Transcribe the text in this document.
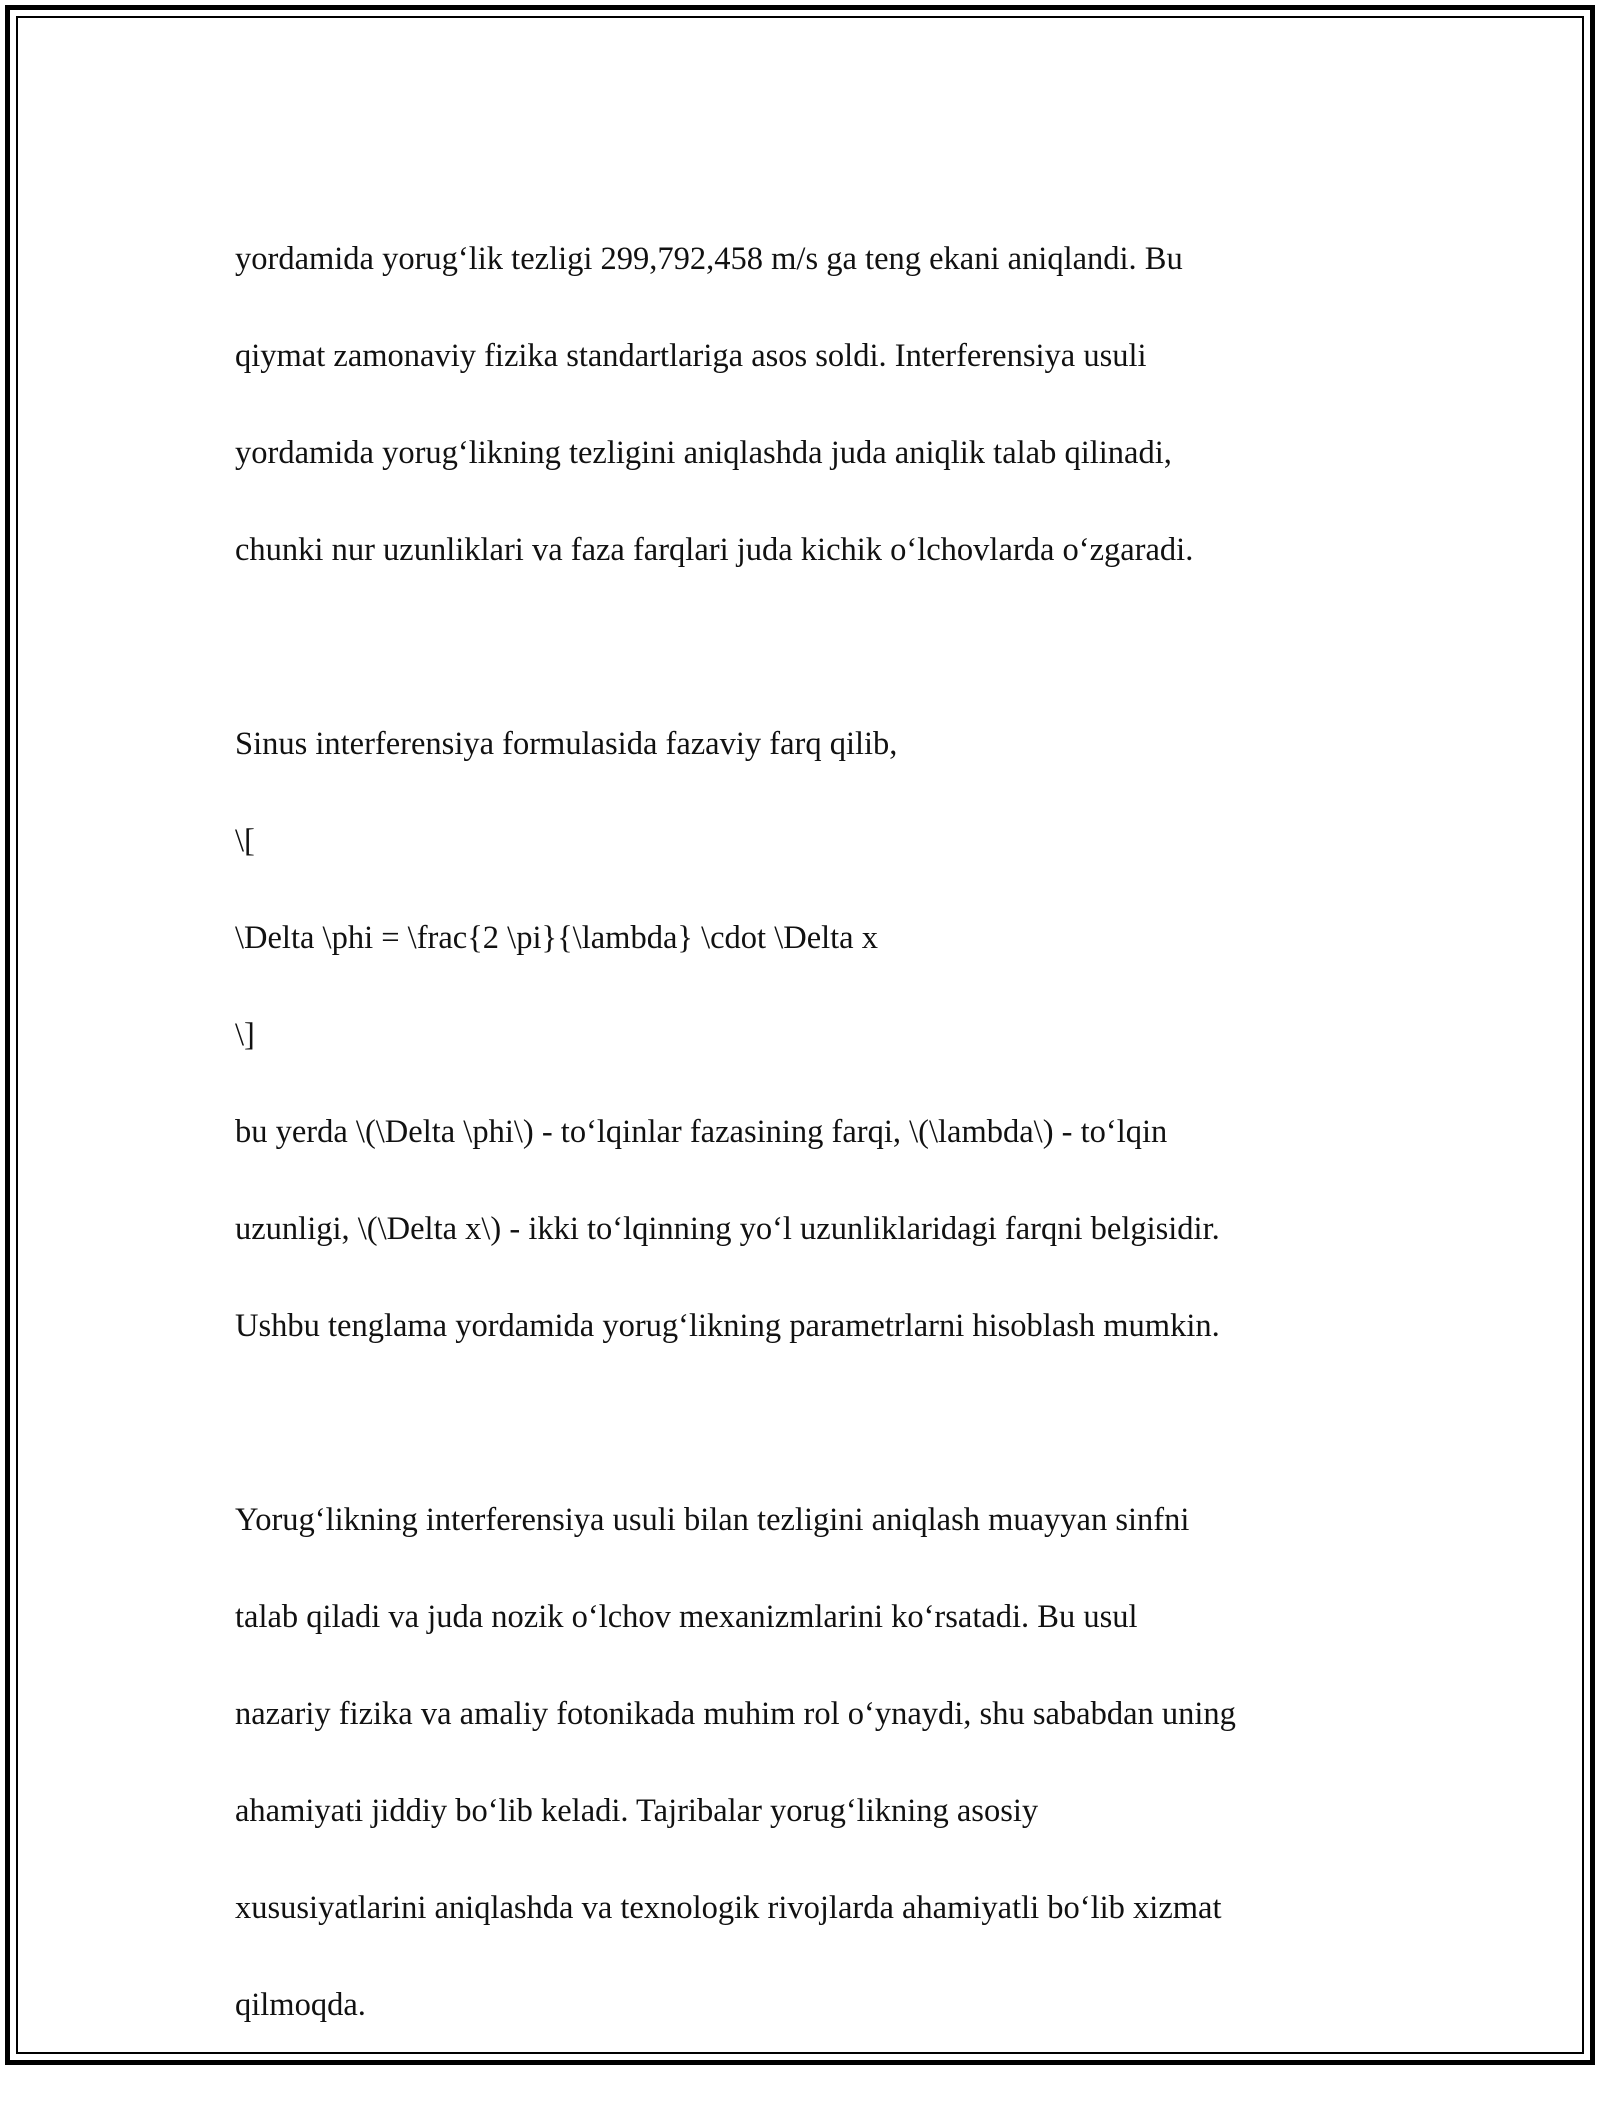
yordamida yorug‘lik tezligi 299,792,458 m/s ga teng ekani aniqlandi. Bu

qiymat zamonaviy fizika standartlariga asos soldi. Interferensiya usuli

yordamida yorug‘likning tezligini aniqlashda juda aniqlik talab qilinadi,

chunki nur uzunliklari va faza farqlari juda kichik o‘lchovlarda o‘zgaradi.

Sinus interferensiya formulasida fazaviy farq qilib,

\[

\Delta \phi = \frac{2 \pi}{\lambda} \cdot \Delta x

\]

bu yerda \(\Delta \phi\) - to‘lqinlar fazasining farqi, \(\lambda\) - to‘lqin

uzunligi, \(\Delta x\) - ikki to‘lqinning yo‘l uzunliklaridagi farqni belgisidir.

Ushbu tenglama yordamida yorug‘likning parametrlarni hisoblash mumkin.

Yorug‘likning interferensiya usuli bilan tezligini aniqlash muayyan sinfni

talab qiladi va juda nozik o‘lchov mexanizmlarini ko‘rsatadi. Bu usul

nazariy fizika va amaliy fotonikada muhim rol o‘ynaydi, shu sababdan uning

ahamiyati jiddiy bo‘lib keladi. Tajribalar yorug‘likning asosiy

xususiyatlarini aniqlashda va texnologik rivojlarda ahamiyatli bo‘lib xizmat

qilmoqda.
